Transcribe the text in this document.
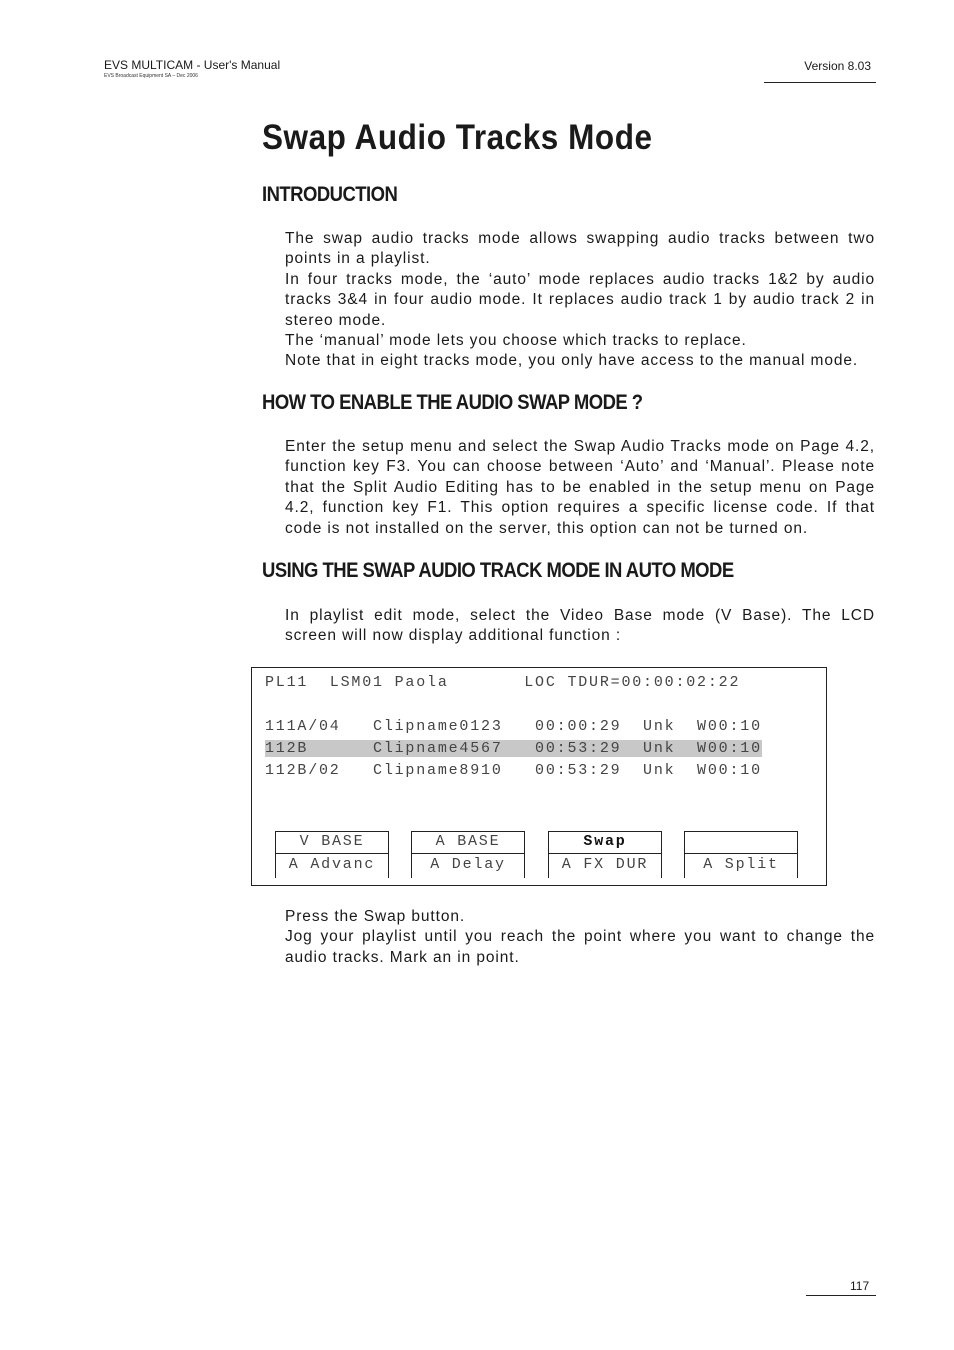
EVS MULTICAM - User's Manual
EVS Broadcast Equipment SA – Dec 2006
Version 8.03
Swap Audio Tracks Mode
INTRODUCTION
The swap audio tracks mode allows swapping audio tracks between two points in a playlist.
In four tracks mode, the ‘auto’ mode replaces audio tracks 1&2 by audio tracks 3&4 in four audio mode. It replaces audio track 1 by audio track 2 in stereo mode.
The ‘manual’ mode lets you choose which tracks to replace.
Note that in eight tracks mode, you only have access to the manual mode.
HOW TO ENABLE THE AUDIO SWAP MODE ?
Enter the setup menu and select the Swap Audio Tracks mode on Page 4.2, function key F3. You can choose between ‘Auto’ and ‘Manual’. Please note that the Split Audio Editing has to be enabled in the setup menu on Page 4.2, function key F1. This option requires a specific license code. If that code is not installed on the server, this option can not be turned on.
USING THE SWAP AUDIO TRACK MODE IN AUTO MODE
In playlist edit mode, select the Video Base mode (V Base). The LCD screen will now display additional function :
PL11  LSM01 Paola       LOC TDUR=00:00:02:22
111A/04   Clipname0123   00:00:29  Unk  W00:10
112B      Clipname4567   00:53:29  Unk  W00:10
112B/02   Clipname8910   00:53:29  Unk  W00:10
V BASE
A Advanc
A BASE
A Delay
Swap
A FX DUR	A Split
Press the Swap button.
Jog your playlist until you reach the point where you want to change the audio tracks. Mark an in point.
117
